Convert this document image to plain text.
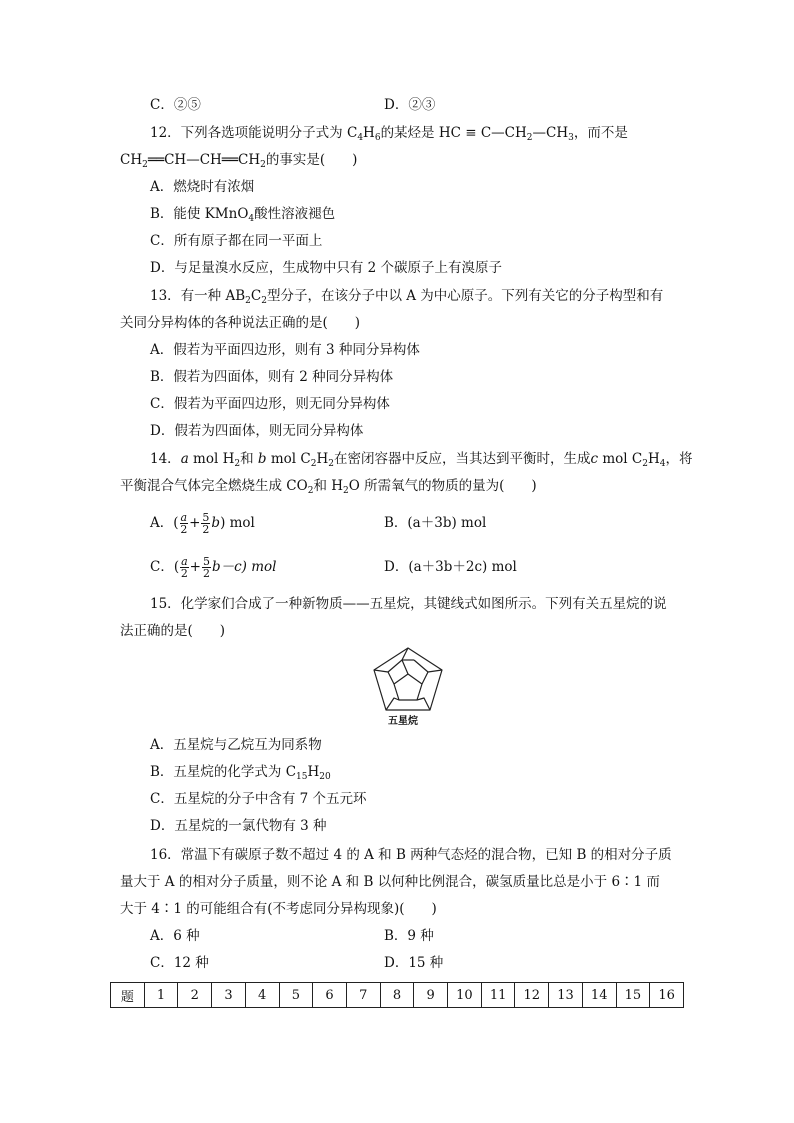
C．②⑤	D．②③
12．下列各选项能说明分子式为 $C_4H_6$的某烃是 HC ≡ $C—CH_2—CH_3$，而不是
$CH_2══CH—CH══CH_2$的事实是(　　)
A．燃烧时有浓烟
B．能使 KMnO$_4$酸性溶液褪色
C．所有原子都在同一平面上
D．与足量溴水反应，生成物中只有 2 个碳原子上有溴原子
13．有一种 $AB_2C_2$型分子，在该分子中以 A 为中心原子。下列有关它的分子构型和有
关同分异构体的各种说法正确的是(　　)
A．假若为平面四边形，则有 3 种同分异构体
B．假若为四面体，则有 2 种同分异构体
C．假若为平面四边形，则无同分异构体
D．假若为四面体，则无同分异构体
14．a mol $H_2$和 b mol $C_2H_2$在密闭容器中反应，当其达到平衡时，生成c mol $C_2H_4$，将
平衡混合气体完全燃烧生成 $CO_2$和 $H_2O$ 所需氧气的物质的量为(　　)
A．( $\frac{a}{2} + \frac{5}{2} b$) mol	B．(a＋3b) mol
C．( $\frac{a}{2} + \frac{5}{2} b-c$) mol	D．(a＋3b＋2c) mol
15．化学家们合成了一种新物质——五星烷，其键线式如图所示。下列有关五星烷的说
法正确的是(　　)
五星烷
A．五星烷与乙烷互为同系物
B．五星烷的化学式为 $C_{15}H_{20}$
C．五星烷的分子中含有 7 个五元环
D．五星烷的一氯代物有 3 种
16．常温下有碳原子数不超过 4 的 A 和 B 两种气态烃的混合物，已知 B 的相对分子质
量大于 A 的相对分子质量，则不论 A 和 B 以何种比例混合，碳氢质量比总是小于 6∶1 而
大于 4∶1 的可能组合有(不考虑同分异构现象)(　　)
A．6 种	B．9 种
C．12 种	D．15 种
题	1	2	3	4	5	6	7	8	9	10	11	12	13	14	15	16
